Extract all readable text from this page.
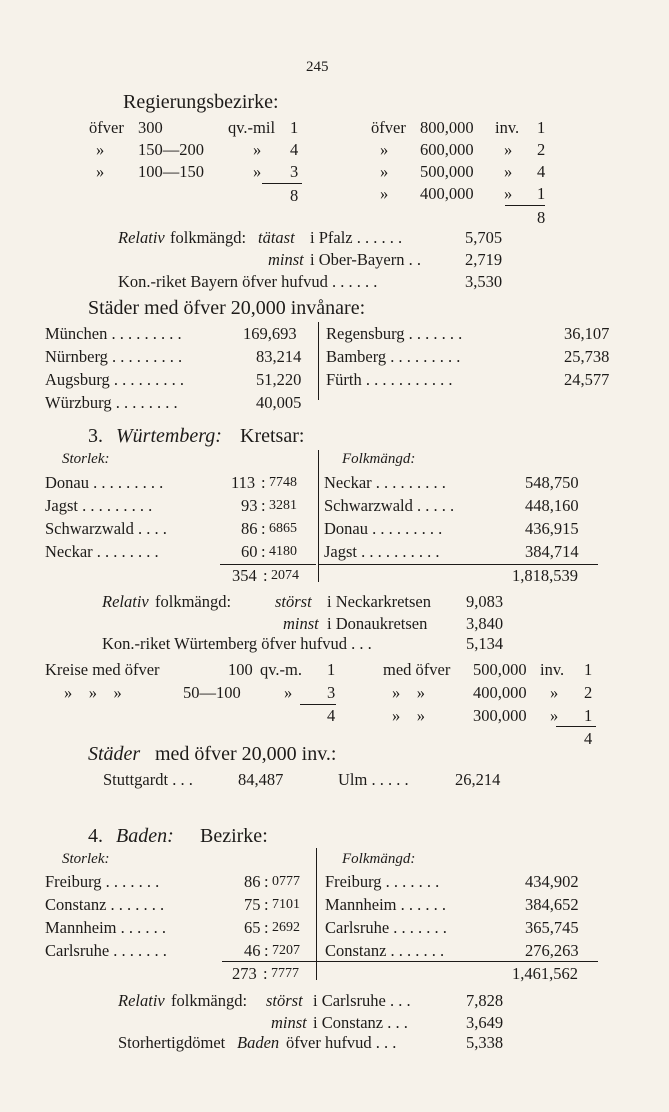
245
Regierungsbezirke:
öfver 300	qv.-mil 1
» 150—200	» 4
» 100—150	» 3
8
öfver 800,000 inv. 1
» 600,000 » 2
» 500,000 » 4
» 400,000 » 1
8
Relativ folkmängd: tätast i Pfalz . . . . . .	5,705
minst i Ober-Bayern . .	2,719
Kon.-riket Bayern öfver hufvud . . . . . .	3,530
Städer med öfver 20,000 invånare:
München . . . . . . . . .	169,693
Nürnberg . . . . . . . . .	83,214
Augsburg . . . . . . . . .	51,220
Würzburg . . . . . . . .	40,005
Regensburg . . . . . . .	36,107
Bamberg . . . . . . . . .	25,738
Fürth . . . . . . . . . . .	24,577
3. Würtemberg: Kretsar:
Storlek:	Folkmängd:
Donau . . . . . . . . .	113 : 7748
Jagst . . . . . . . . .	93 : 3281
Schwarzwald . . . .	86 : 6865
Neckar . . . . . . . .	60 : 4180
354 : 2074
Neckar . . . . . . . . .	548,750
Schwarzwald . . . . .	448,160
Donau . . . . . . . . .	436,915
Jagst . . . . . . . . . .	384,714
1,818,539
Relativ folkmängd:	störst i Neckarkretsen 9,083
minst i Donaukretsen 3,840
Kon.-riket Würtemberg öfver hufvud . . .	5,134
Kreise med öfver	100 qv.-m. 1
»    »    »	50—100	» 3
4
med öfver 500,000 inv. 1
»    »	400,000 » 2
»    »	300,000 » 1
4
Städer med öfver 20,000 inv.:
Stuttgardt . . .	84,487	Ulm . . . . .	26,214
4. Baden: Bezirke:
Storlek:	Folkmängd:
Freiburg . . . . . . .	86 : 0777
Constanz . . . . . . .	75 : 7101
Mannheim . . . . . .	65 : 2692
Carlsruhe . . . . . . .	46 : 7207
273 : 7777
Freiburg . . . . . . .	434,902
Mannheim . . . . . .	384,652
Carlsruhe . . . . . . .	365,745
Constanz . . . . . . .	276,263
1,461,562
Relativ folkmängd: störst i Carlsruhe . . .	7,828
minst i Constanz . . .	3,649
Storhertigdömet Baden öfver hufvud . . .	5,338
